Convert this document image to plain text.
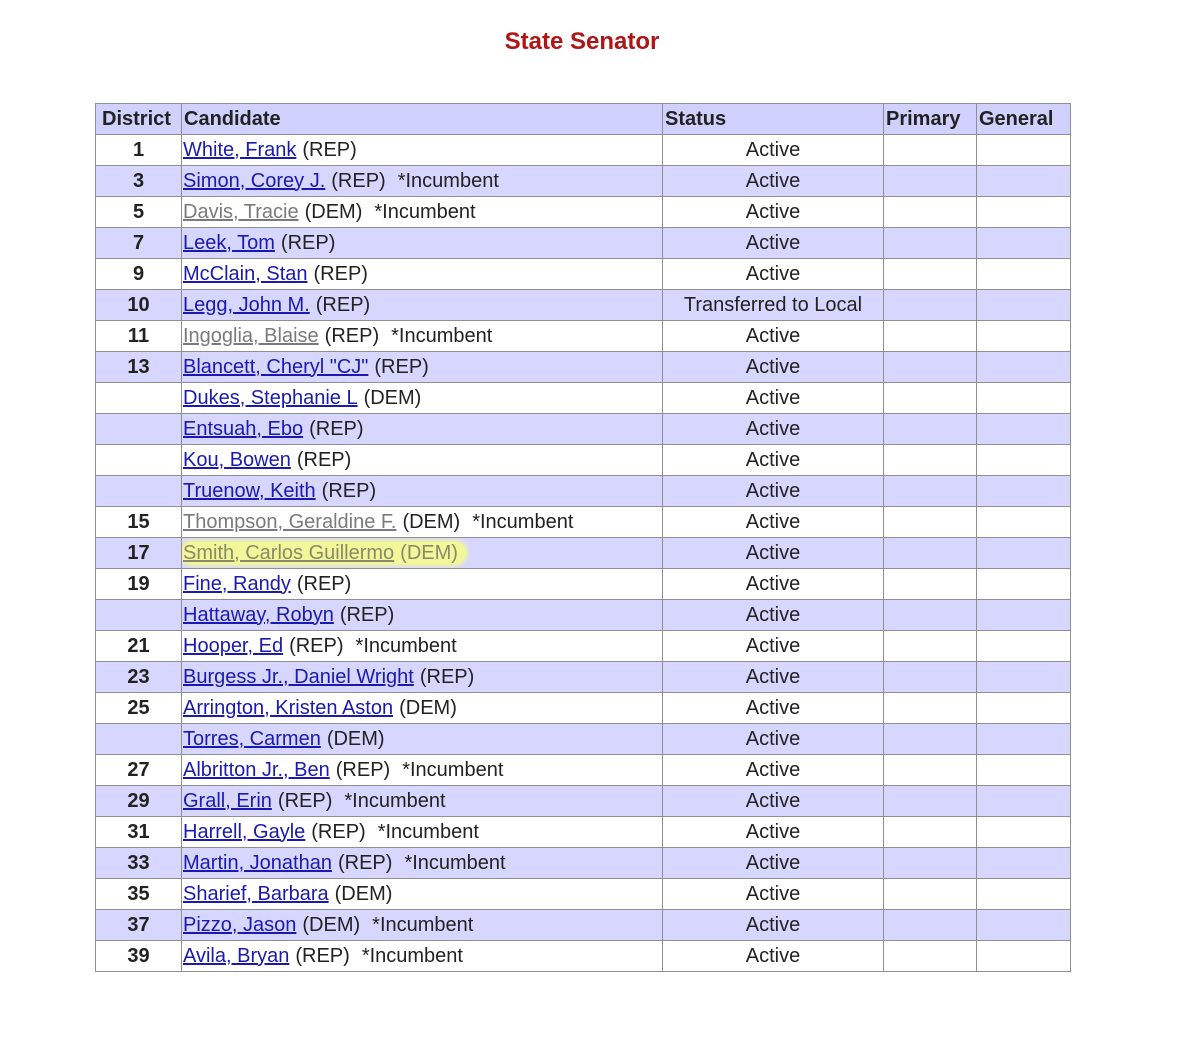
State Senator
District	Candidate	Status	Primary	General
1	White, Frank (REP)	Active		
3	Simon, Corey J. (REP) *Incumbent	Active		
5	Davis, Tracie (DEM) *Incumbent	Active		
7	Leek, Tom (REP)	Active		
9	McClain, Stan (REP)	Active		
10	Legg, John M. (REP)	Transferred to Local		
11	Ingoglia, Blaise (REP) *Incumbent	Active		
13	Blancett, Cheryl "CJ" (REP)	Active		
	Dukes, Stephanie L (DEM)	Active		
	Entsuah, Ebo (REP)	Active		
	Kou, Bowen (REP)	Active		
	Truenow, Keith (REP)	Active		
15	Thompson, Geraldine F. (DEM) *Incumbent	Active		
17	Smith, Carlos Guillermo (DEM)	Active		
19	Fine, Randy (REP)	Active		
	Hattaway, Robyn (REP)	Active		
21	Hooper, Ed (REP) *Incumbent	Active		
23	Burgess Jr., Daniel Wright (REP)	Active		
25	Arrington, Kristen Aston (DEM)	Active		
	Torres, Carmen (DEM)	Active		
27	Albritton Jr., Ben (REP) *Incumbent	Active		
29	Grall, Erin (REP) *Incumbent	Active		
31	Harrell, Gayle (REP) *Incumbent	Active		
33	Martin, Jonathan (REP) *Incumbent	Active		
35	Sharief, Barbara (DEM)	Active		
37	Pizzo, Jason (DEM) *Incumbent	Active		
39	Avila, Bryan (REP) *Incumbent	Active		
